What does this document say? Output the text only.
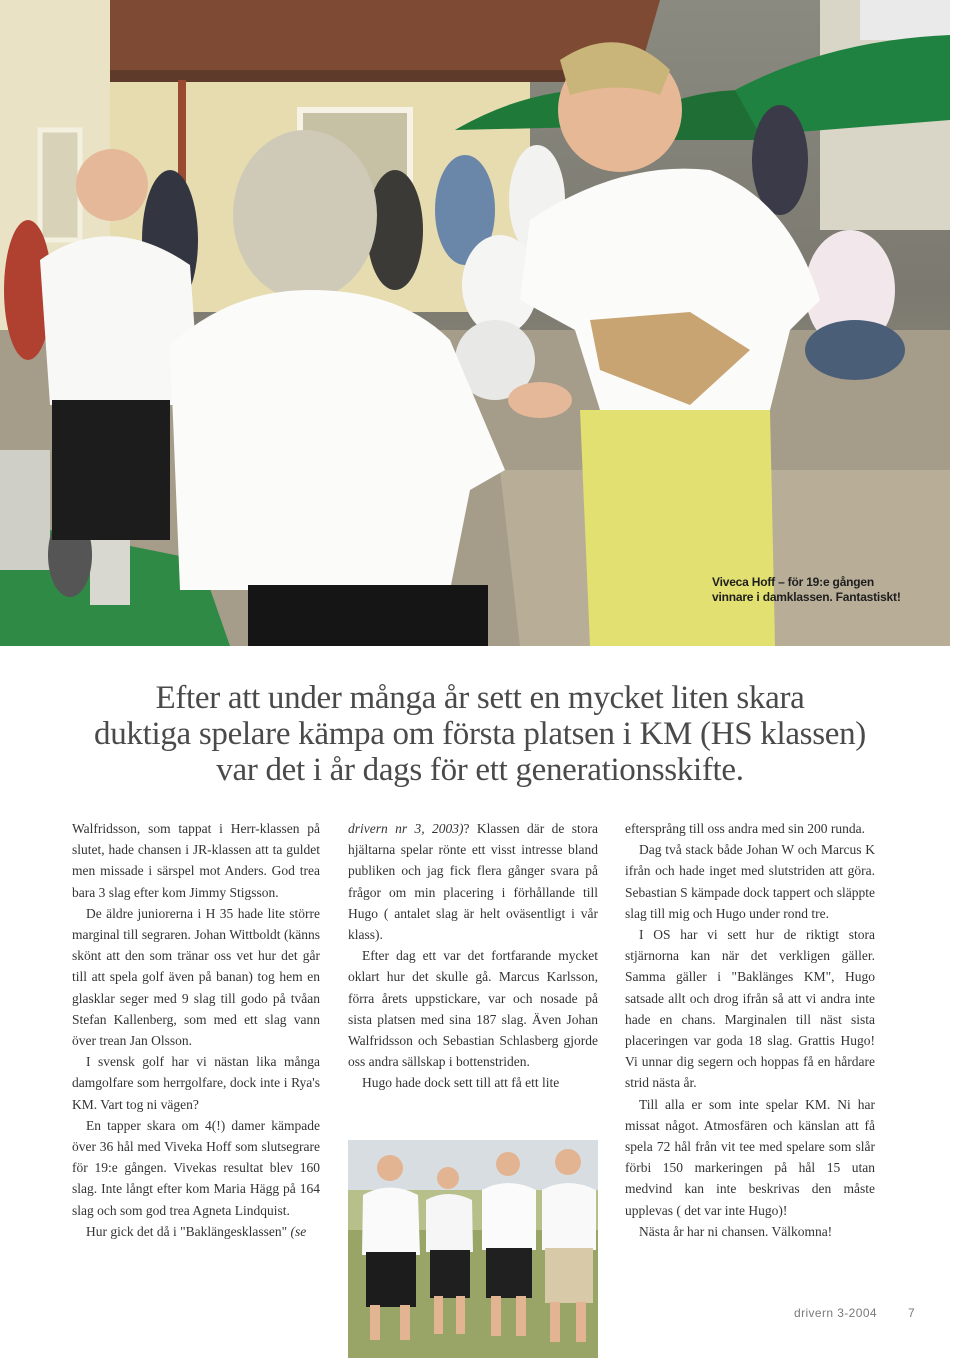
Viveca Hoff – för 19:e gången vinnare i damklassen. Fantastiskt!
Efter att under många år sett en mycket liten skara
duktiga spelare kämpa om första platsen i KM (HS klassen)
var det i år dags för ett generationsskifte.

Walfridsson, som tappat i Herr-klassen på slutet, hade chansen i JR-klassen att ta guldet men missade i särspel mot Anders. God trea bara 3 slag efter kom Jimmy Stigsson.

De äldre juniorerna i H 35 hade lite större marginal till segraren. Johan Wittboldt (känns skönt att den som tränar oss vet hur det går till att spela golf även på banan) tog hem en glasklar seger med 9 slag till godo på tvåan Stefan Kallenberg, som med ett slag vann över trean Jan Olsson.

I svensk golf har vi nästan lika många damgolfare som herrgolfare, dock inte i Rya's KM. Vart tog ni vägen?

En tapper skara om 4(!) damer kämpade över 36 hål med Viveka Hoff som slutsegrare för 19:e gången. Vivekas resultat blev 160 slag. Inte långt efter kom Maria Hägg på 164 slag och som god trea Agneta Lindquist.

Hur gick det då i "Baklängesklassen" (se

drivern nr 3, 2003)? Klassen där de stora hjältarna spelar rönte ett visst intresse bland publiken och jag fick flera gånger svara på frågor om min placering i förhållande till Hugo ( antalet slag är helt oväsentligt i vår klass).

Efter dag ett var det fortfarande mycket oklart hur det skulle gå. Marcus Karlsson, förra årets uppstickare, var och nosade på sista platsen med sina 187 slag. Även Johan Walfridsson och Sebastian Schlasberg gjorde oss andra sällskap i bottenstriden.

Hugo hade dock sett till att få ett lite

eftersprång till oss andra med sin 200 runda.

Dag två stack både Johan W och Marcus K ifrån och hade inget med slutstriden att göra. Sebastian S kämpade dock tappert och släppte slag till mig och Hugo under rond tre.

I OS har vi sett hur de riktigt stora stjärnorna kan när det verkligen gäller. Samma gäller i "Baklänges KM", Hugo satsade allt och drog ifrån så att vi andra inte hade en chans. Marginalen till näst sista placeringen var goda 18 slag. Grattis Hugo! Vi unnar dig segern och hoppas få en hårdare strid nästa år.

Till alla er som inte spelar KM. Ni har missat något. Atmosfären och känslan att få spela 72 hål från vit tee med spelare som slår förbi 150 markeringen på hål 15 utan medvind kan inte beskrivas den måste upplevas ( det var inte Hugo)!

Nästa år har ni chansen. Välkomna!

drivern 3-2004	7
